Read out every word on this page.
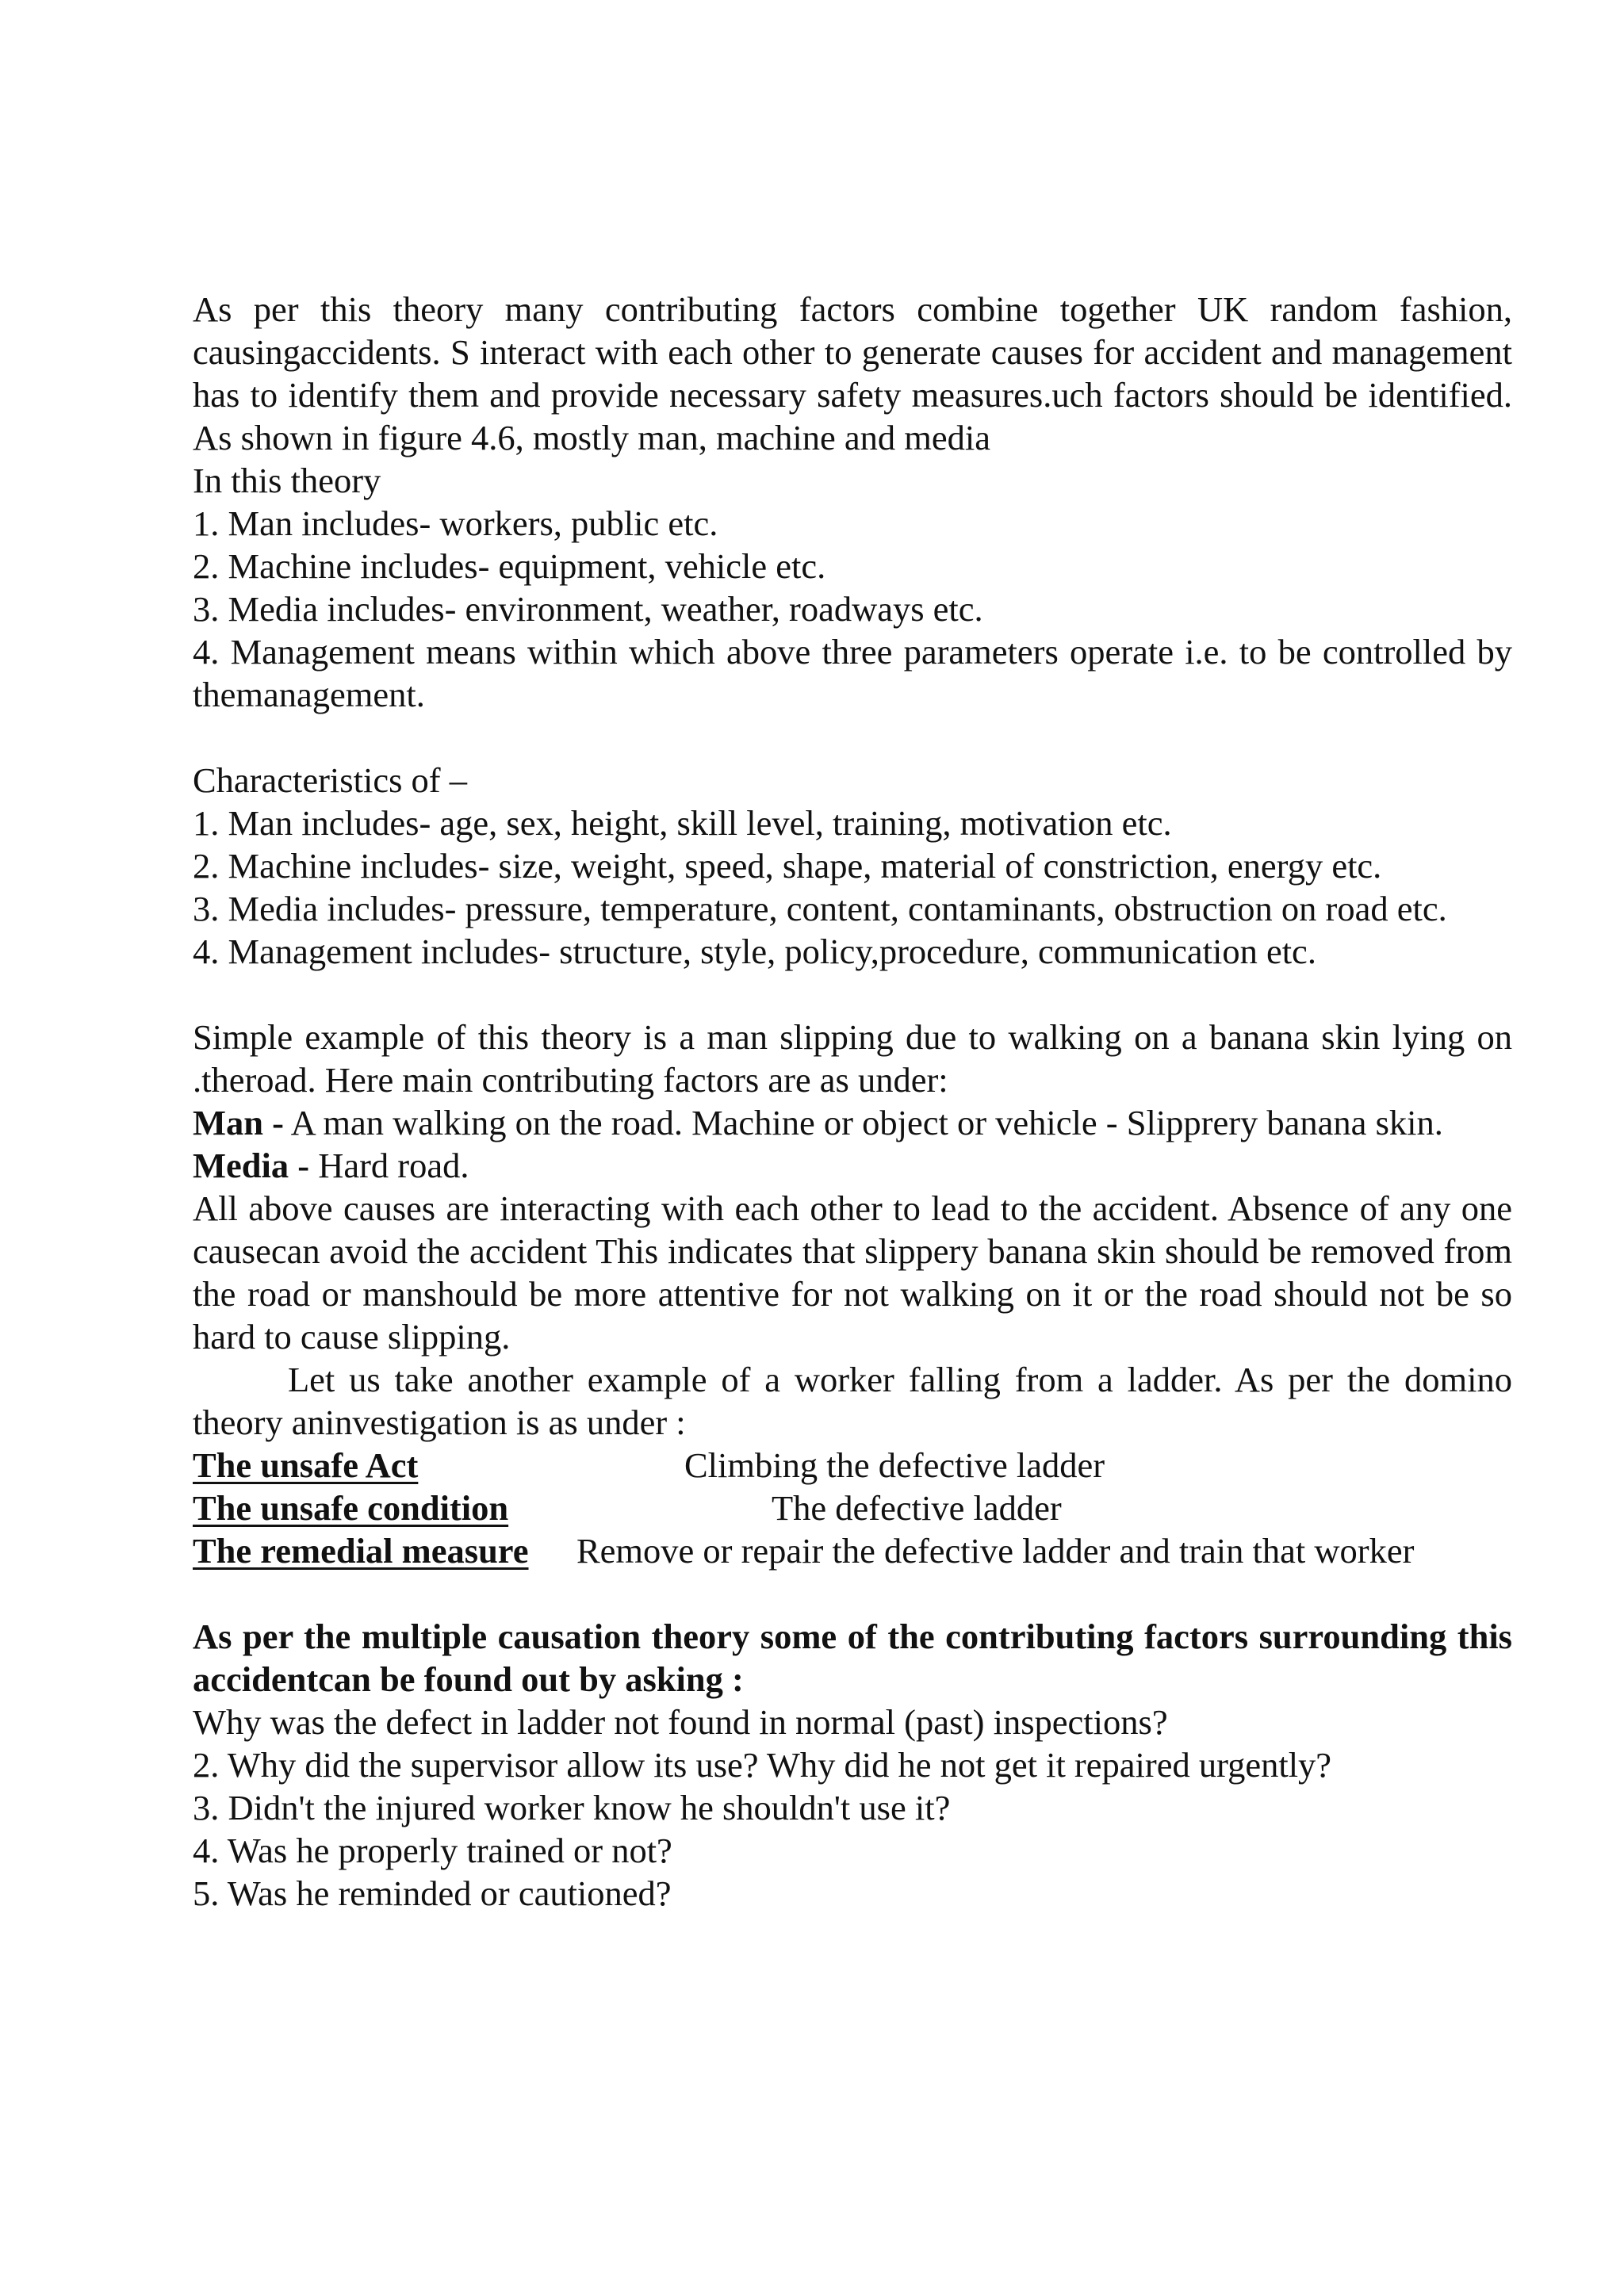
As per this theory many contributing factors combine together UK random fashion, causingaccidents. S interact with each other to generate causes for accident and management has to identify them and provide necessary safety measures.uch factors should be identified. As shown in figure 4.6, mostly man, machine and media

In this theory
1. Man includes- workers, public etc.
2. Machine includes- equipment, vehicle etc.
3. Media includes- environment, weather, roadways etc.

4. Management means within which above three parameters operate i.e. to be controlled by themanagement.

Characteristics of –
1. Man includes- age, sex, height, skill level, training, motivation etc.
2. Machine includes- size, weight, speed, shape, material of constriction, energy etc.

3. Media includes- pressure, temperature, content, contaminants, obstruction on road etc.

4. Management includes- structure, style, policy,procedure, communication etc.

Simple example of this theory is a man slipping due to walking on a banana skin lying on .theroad. Here main contributing factors are as under:

Man - A man walking on the road. Machine or object or vehicle - Slipprery banana skin.

Media - Hard road.

All above causes are interacting with each other to lead to the accident. Absence of any one causecan avoid the accident This indicates that slippery banana skin should be removed from the road or manshould be more attentive for not walking on it or the road should not be so hard to cause slipping.

Let us take another example of a worker falling from a ladder. As per the domino theory aninvestigation is as under :

The unsafe Act	Climbing the defective ladder
The unsafe condition	The defective ladder
The remedial measure Remove or repair the defective ladder and train that worker

As per the multiple causation theory some of the contributing factors surrounding this accidentcan be found out by asking :

Why was the defect in ladder not found in normal (past) inspections?
2. Why did the supervisor allow its use? Why did he not get it repaired urgently?
3. Didn't the injured worker know he shouldn't use it?
4. Was he properly trained or not?
5. Was he reminded or cautioned?
